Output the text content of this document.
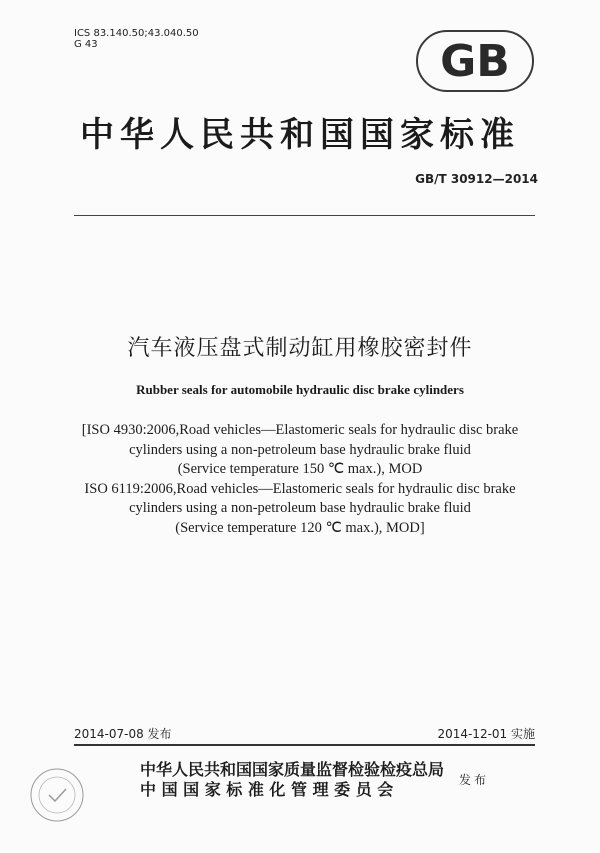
ICS 83.140.50;43.040.50
G 43	GB
中华人民共和国国家标准
GB/T 30912—2014
汽车液压盘式制动缸用橡胶密封件
Rubber seals for automobile hydraulic disc brake cylinders
[ISO 4930:2006,Road vehicles—Elastomeric seals for hydraulic disc brake
cylinders using a non-petroleum base hydraulic brake fluid
(Service temperature 150 ℃ max.), MOD
ISO 6119:2006,Road vehicles—Elastomeric seals for hydraulic disc brake
cylinders using a non-petroleum base hydraulic brake fluid
(Service temperature 120 ℃ max.), MOD]
2014-07-08 发布	2014-12-01 实施
中华人民共和国国家质量监督检验检疫总局
中 国 国 家 标 准 化 管 理 委 员 会	发布
